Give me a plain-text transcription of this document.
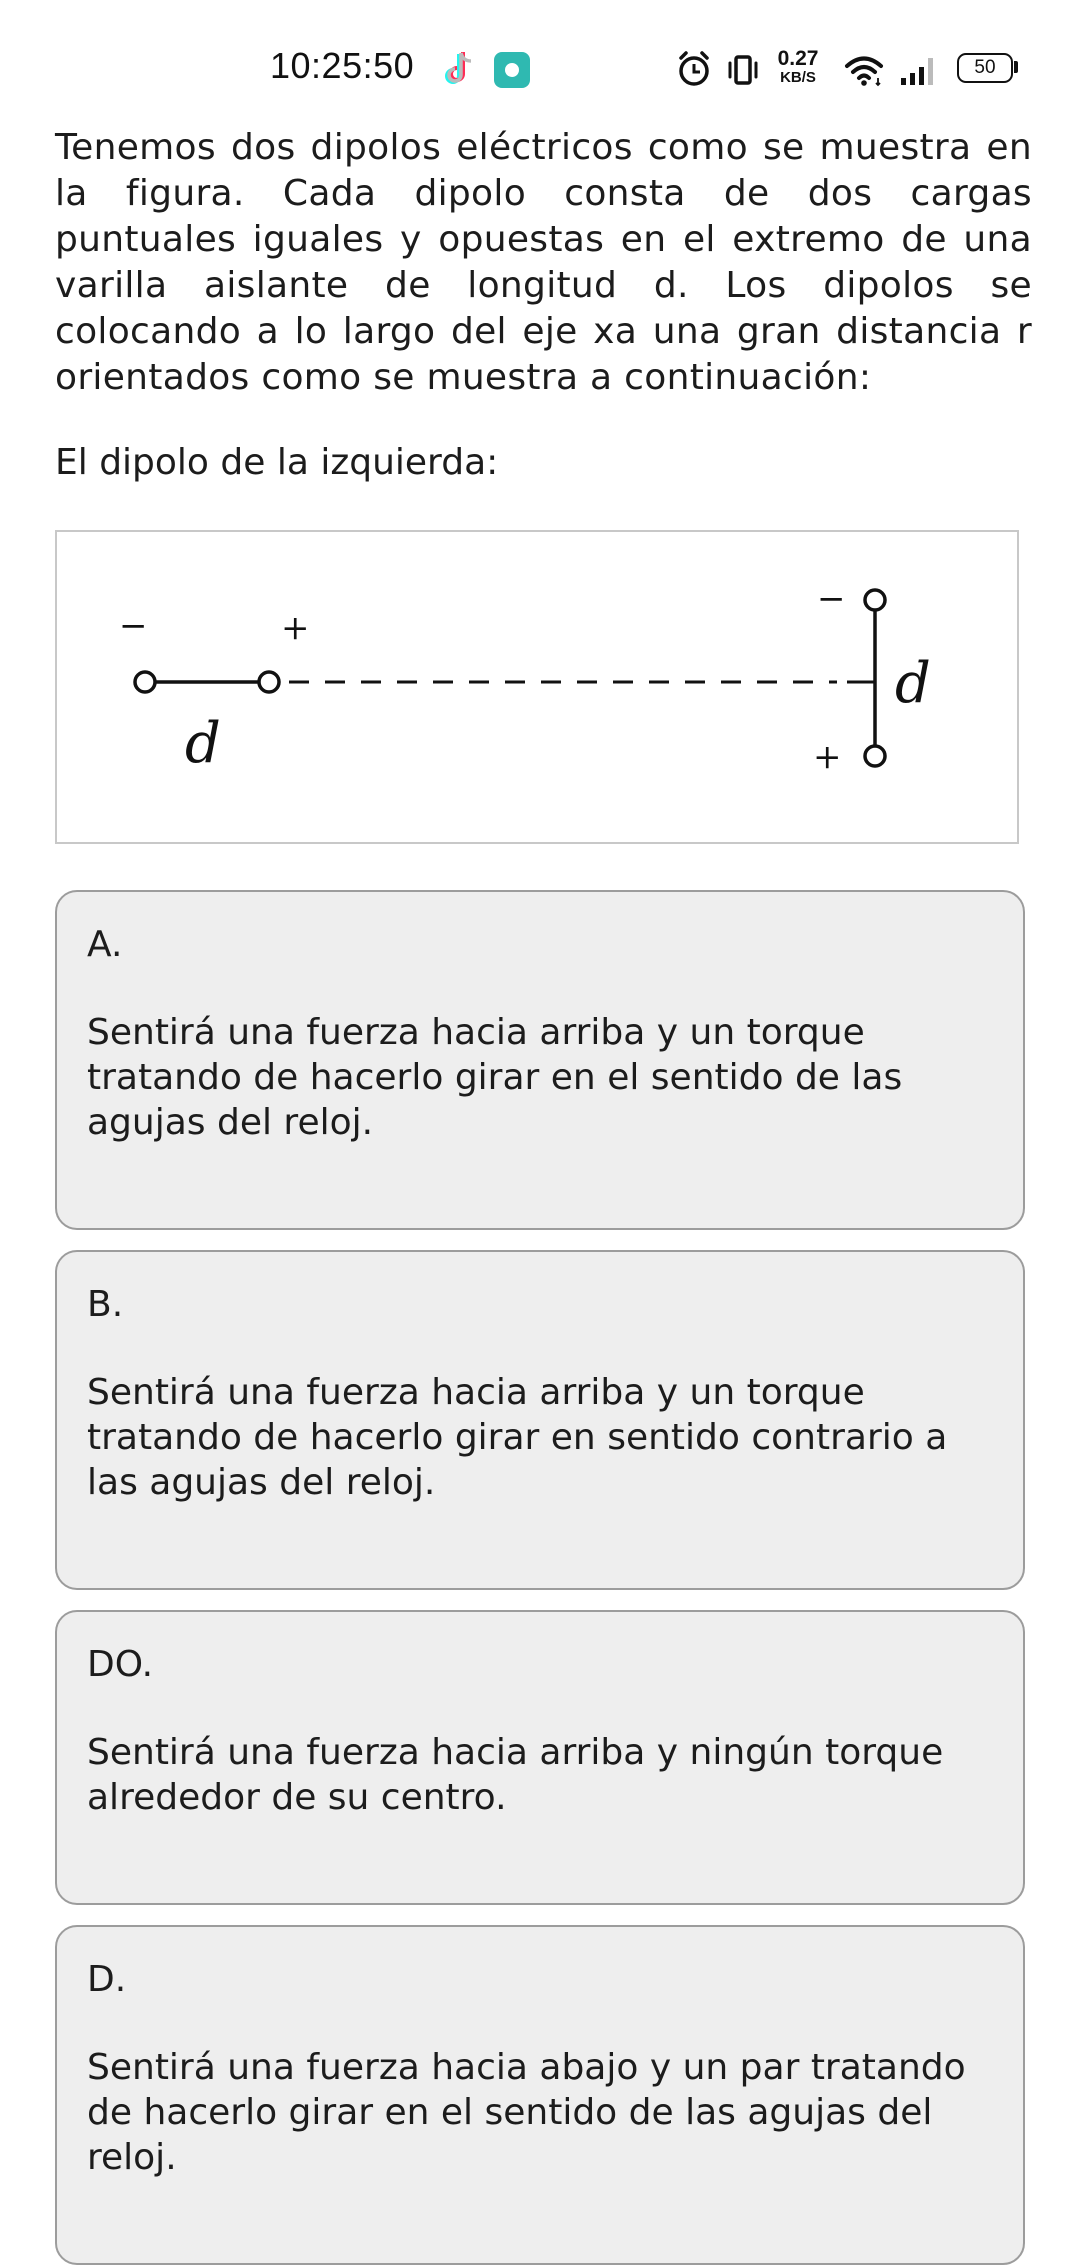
10:25:50	0.27
KB/S	50

Tenemos dos dipolos eléctricos como se muestra en la figura. Cada dipolo consta de dos cargas puntuales iguales y opuestas en el extremo de una varilla aislante de longitud d. Los dipolos se colocando a lo largo del eje xa una gran distancia r orientados como se muestra a continuación:

El dipolo de la izquierda:

−	+
d
−
+
d
A.
Sentirá una fuerza hacia arriba y un torque tratando de hacerlo girar en el sentido de las agujas del reloj.
B.
Sentirá una fuerza hacia arriba y un torque tratando de hacerlo girar en sentido contrario a las agujas del reloj.
DO.
Sentirá una fuerza hacia arriba y ningún torque alrededor de su centro.
D.
Sentirá una fuerza hacia abajo y un par tratando de hacerlo girar en el sentido de las agujas del reloj.
